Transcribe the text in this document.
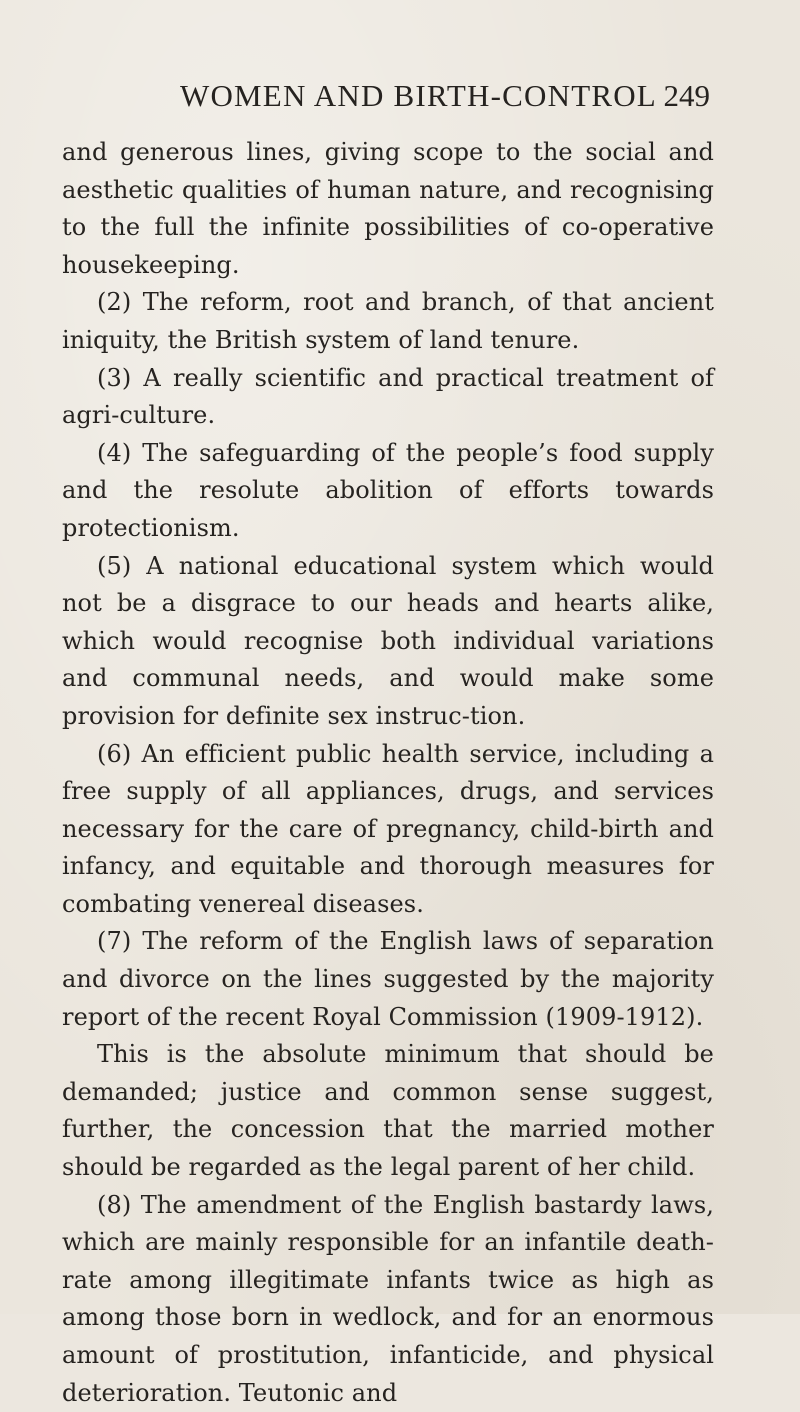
WOMEN AND BIRTH-CONTROL 249

and generous lines, giving scope to the social and aesthetic qualities of human nature, and recognising to the full the infinite possibilities of co-operative housekeeping.

(2) The reform, root and branch, of that ancient iniquity, the British system of land tenure.

(3) A really scientific and practical treatment of agri-culture.

(4) The safeguarding of the people’s food supply and the resolute abolition of efforts towards protectionism.

(5) A national educational system which would not be a disgrace to our heads and hearts alike, which would recognise both individual variations and communal needs, and would make some provision for definite sex instruc-tion.

(6) An efficient public health service, including a free supply of all appliances, drugs, and services necessary for the care of pregnancy, child-birth and infancy, and equitable and thorough measures for combating venereal diseases.

(7) The reform of the English laws of separation and divorce on the lines suggested by the majority report of the recent Royal Commission (1909-1912).

This is the absolute minimum that should be demanded; justice and common sense suggest, further, the concession that the married mother should be regarded as the legal parent of her child.

(8) The amendment of the English bastardy laws, which are mainly responsible for an infantile death-rate among illegitimate infants twice as high as among those born in wedlock, and for an enormous amount of prostitution, infanticide, and physical deterioration. Teutonic and
